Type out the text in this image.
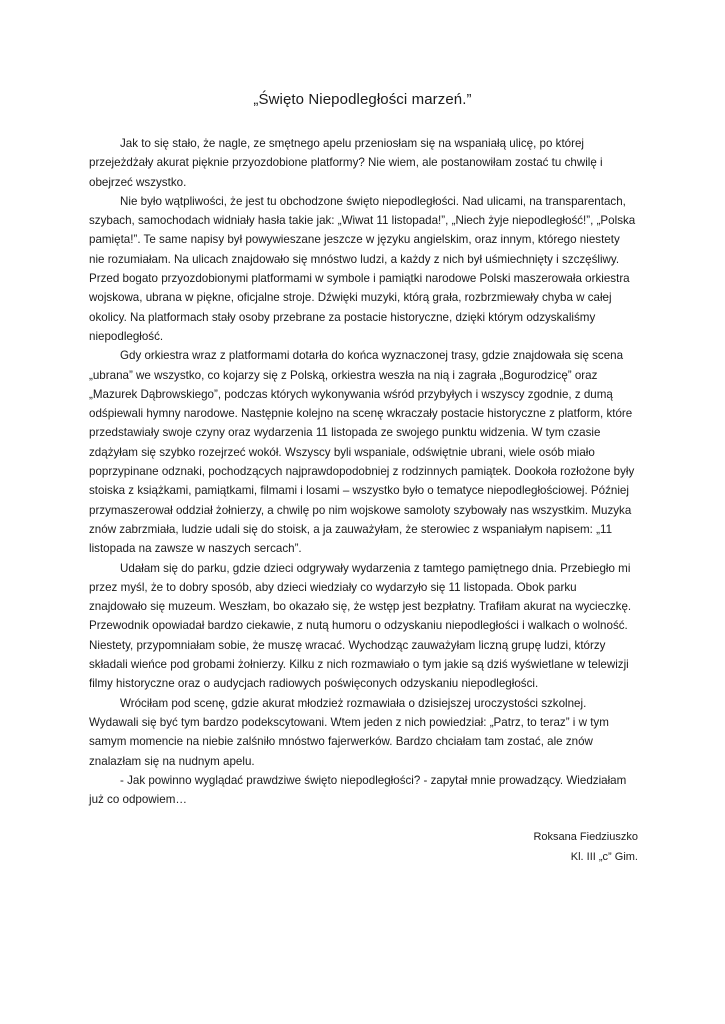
„Święto Niepodległości marzeń.”

Jak to się stało, że nagle, ze smętnego apelu przeniosłam się na wspaniałą ulicę, po której przejeżdżały akurat pięknie przyozdobione platformy? Nie wiem, ale postanowiłam zostać tu chwilę i obejrzeć wszystko.

Nie było wątpliwości, że jest tu obchodzone święto niepodległości. Nad ulicami, na transparentach, szybach, samochodach widniały hasła takie jak: „Wiwat 11 listopada!”, „Niech żyje niepodległość!”, „Polska pamięta!”. Te same napisy był powywieszane jeszcze w języku angielskim, oraz innym, którego niestety nie rozumiałam. Na ulicach znajdowało się mnóstwo ludzi, a każdy z nich był uśmiechnięty i szczęśliwy. Przed bogato przyozdobionymi platformami w symbole i pamiątki narodowe Polski maszerowała orkiestra wojskowa, ubrana w piękne, oficjalne stroje. Dźwięki muzyki, którą grała, rozbrzmiewały chyba w całej okolicy. Na platformach stały osoby przebrane za postacie historyczne, dzięki którym odzyskaliśmy niepodległość.

Gdy orkiestra wraz z platformami dotarła do końca wyznaczonej trasy, gdzie znajdowała się scena „ubrana” we wszystko, co kojarzy się z Polską, orkiestra weszła na nią i zagrała „Bogurodzicę” oraz „Mazurek Dąbrowskiego”, podczas których wykonywania wśród przybyłych i wszyscy zgodnie, z dumą odśpiewali hymny narodowe. Następnie kolejno na scenę wkraczały postacie historyczne z platform, które przedstawiały swoje czyny oraz wydarzenia 11 listopada ze swojego punktu widzenia. W tym czasie zdążyłam się szybko rozejrzeć wokół. Wszyscy byli wspaniale, odświętnie ubrani, wiele osób miało poprzypinane odznaki, pochodzących najprawdopodobniej z rodzinnych pamiątek. Dookoła rozłożone były stoiska z książkami, pamiątkami, filmami i losami – wszystko było o tematyce niepodległościowej. Później przymaszerował oddział żołnierzy, a chwilę po nim wojskowe samoloty szybowały nas wszystkim. Muzyka znów zabrzmiała, ludzie udali się do stoisk, a ja zauważyłam, że sterowiec z wspaniałym napisem: „11 listopada na zawsze w naszych sercach”.

Udałam się do parku, gdzie dzieci odgrywały wydarzenia z tamtego pamiętnego dnia. Przebiegło mi przez myśl, że to dobry sposób, aby dzieci wiedziały co wydarzyło się 11 listopada. Obok parku znajdowało się muzeum. Weszłam, bo okazało się, że wstęp jest bezpłatny. Trafiłam akurat na wycieczkę. Przewodnik opowiadał bardzo ciekawie, z nutą humoru o odzyskaniu niepodległości i walkach o wolność. Niestety, przypomniałam sobie, że muszę wracać. Wychodząc zauważyłam liczną grupę ludzi, którzy składali wieńce pod grobami żołnierzy. Kilku z nich rozmawiało o tym jakie są dziś wyświetlane w telewizji filmy historyczne oraz o audycjach radiowych poświęconych odzyskaniu niepodległości.

Wróciłam pod scenę, gdzie akurat młodzież rozmawiała o dzisiejszej uroczystości szkolnej. Wydawali się być tym bardzo podekscytowani. Wtem jeden z nich powiedział: „Patrz, to teraz” i w tym samym momencie na niebie zalśniło mnóstwo fajerwerków. Bardzo chciałam tam zostać, ale znów znalazłam się na nudnym apelu.

- Jak powinno wyglądać prawdziwe święto niepodległości? - zapytał mnie prowadzący. Wiedziałam już co odpowiem…

Roksana Fiedziuszko
Kl. III „c” Gim.
